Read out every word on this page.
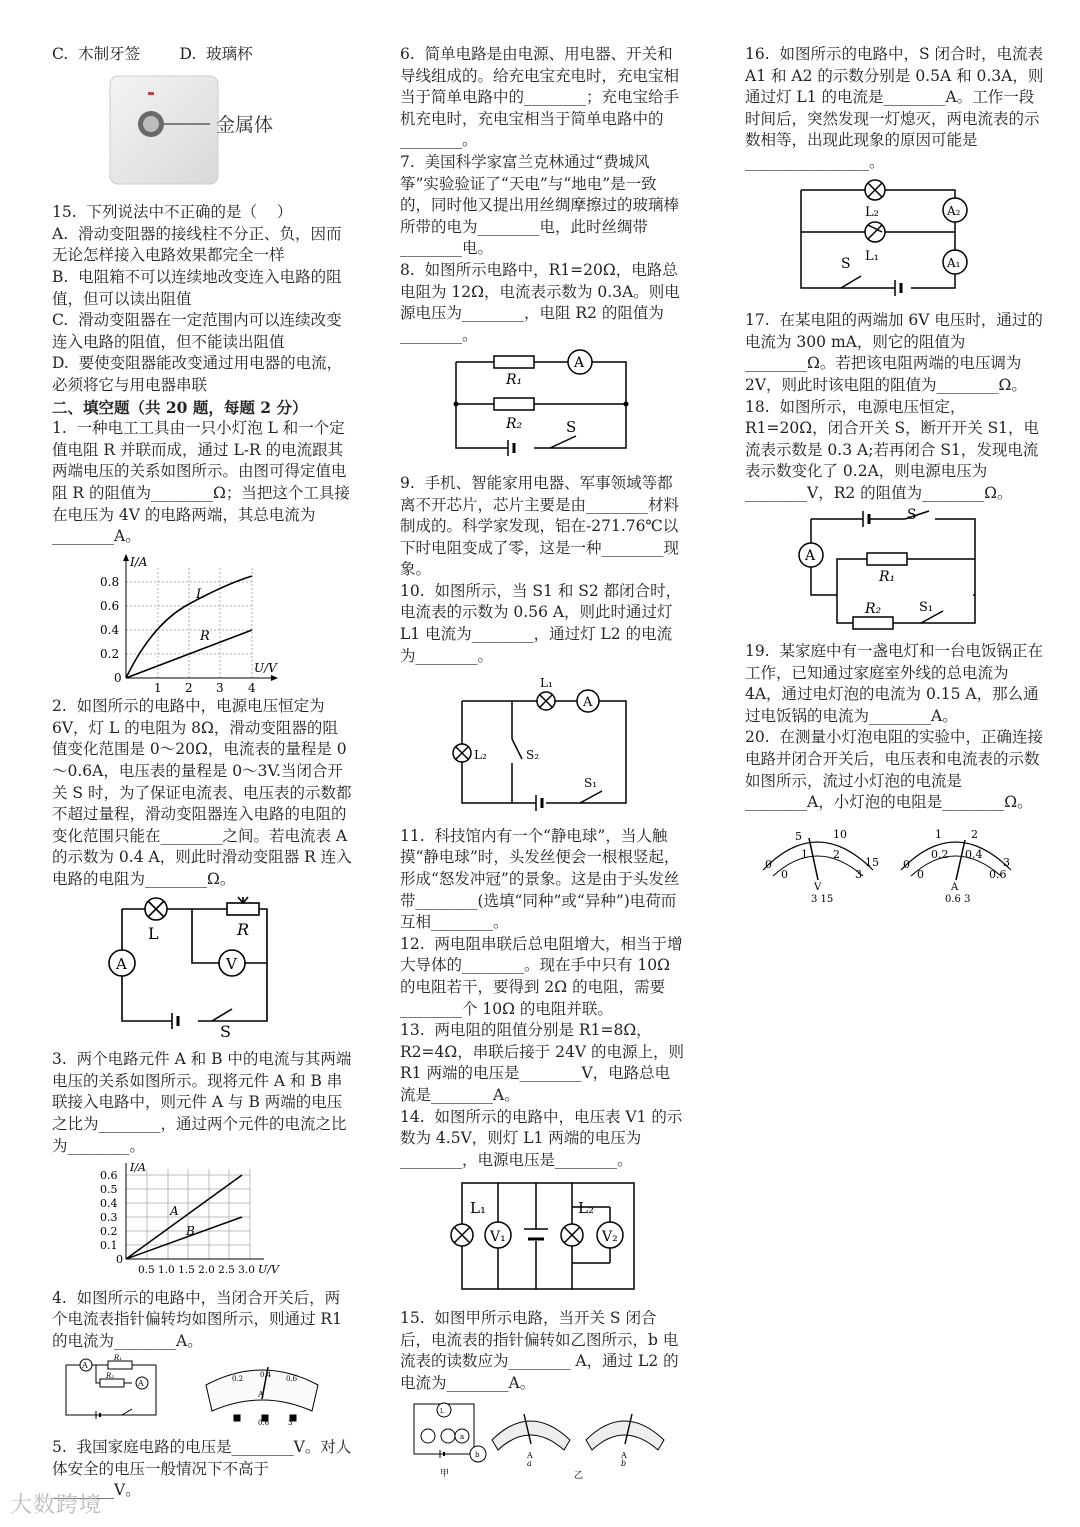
C.  木制牙签        D.  玻璃杯

金属体

15.  下列说法中不正确的是（    ）

A.  滑动变阻器的接线柱不分正、负，因而无论怎样接入电路效果都完全一样

B.  电阻箱不可以连续地改变连入电路的阻值，但可以读出阻值

C.  滑动变阻器在一定范围内可以连续改变连入电路的阻值，但不能读出阻值

D.  要使变阻器能改变通过用电器的电流，必须将它与用电器串联

二、填空题（共 20 题，每题 2 分）

1.  一种电工工具由一只小灯泡 L 和一个定值电阻 R 并联而成，通过 L-R 的电流跟其两端电压的关系如图所示。由图可得定值电阻 R 的阻值为________Ω；当把这个工具接在电压为 4V 的电路两端，其总电流为________A。

I/A
U/V
0.8
0.6
0.4
0.2
0
1 2 3 4
L
R

2.  如图所示的电路中，电源电压恒定为 6V，灯 L 的电阻为 8Ω，滑动变阻器的阻值变化范围是 0～20Ω，电流表的量程是 0～0.6A，电压表的量程是 0～3V.当闭合开关 S 时，为了保证电流表、电压表的示数都不超过量程，滑动变阻器连入电路的电阻的变化范围只能在________之间。若电流表 A 的示数为 0.4 A，则此时滑动变阻器 R 连入电路的电阻为________Ω。

L	R
A	V
S

3.  两个电路元件 A 和 B 中的电流与其两端电压的关系如图所示。现将元件 A 和 B 串联接入电路中，则元件 A 与 B 两端的电压之比为________，通过两个元件的电流之比为________。

I/A
0.6
0.5
0.4
0.3
0.2
0.1
0
0.5 1.0 1.5 2.0 2.5 3.0 U/V
A
B

4.  如图所示的电路中，当闭合开关后，两个电流表指针偏转均如图所示，则通过 R1 的电流为________A。

A
A
R₁
R₂	0.2 0.4 0.6
A
0.6	3

5.  我国家庭电路的电压是________V。对人体安全的电压一般情况下不高于________V。

6.  简单电路是由电源、用电器、开关和导线组成的。给充电宝充电时，充电宝相当于简单电路中的________；充电宝给手机充电时，充电宝相当于简单电路中的________。

7.  美国科学家富兰克林通过“费城风筝”实验验证了“天电”与“地电”是一致的，同时他又提出用丝绸摩擦过的玻璃棒所带的电为________电，此时丝绸带________电。

8.  如图所示电路中，R1=20Ω，电路总电阻为 12Ω，电流表示数为 0.3A。则电源电压为________，电阻 R2 的阻值为________。

A
R₁
R₂	S

9.  手机、智能家用电器、军事领域等都离不开芯片，芯片主要是由________材料制成的。科学家发现，铝在-271.76℃以下时电阻变成了零，这是一种________现象。

10.  如图所示，当 S1 和 S2 都闭合时，电流表的示数为 0.56 A，则此时通过灯 L1 电流为________，通过灯 L2 的电流为________。

L₁
A
L₂	S₂
S₁

11.  科技馆内有一个“静电球”，当人触摸“静电球”时，头发丝便会一根根竖起，形成“怒发冲冠”的景象。这是由于头发丝带________(选填“同种”或“异种”)电荷而互相________。

12.  两电阻串联后总电阻增大，相当于增大导体的________。现在手中只有 10Ω 的电阻若干，要得到 2Ω 的电阻，需要________个 10Ω 的电阻并联。

13.  两电阻的阻值分别是 R1=8Ω，R2=4Ω，串联后接于 24V 的电源上，则 R1 两端的电压是________V，电路总电流是________A。

14.  如图所示的电路中，电压表 V1 的示数为 4.5V，则灯 L1 两端的电压为________，电源电压是________。

L₁
V₁
L₂
V₂

15.  如图甲所示电路，当开关 S 闭合后，电流表的指针偏转如乙图所示，b 电流表的读数应为________ A，通过 L2 的电流为________A。

L
a
b	A
a
A
b
甲	乙

16.  如图所示的电路中，S 闭合时，电流表 A1 和 A2 的示数分别是 0.5A 和 0.3A，则通过灯 L1 的电流是________A。工作一段时间后，突然发现一灯熄灭，两电流表的示数相等，出现此现象的原因可能是________________。

L₂	A₂
L₁	A₁
S

17.  在某电阻的两端加 6V 电压时，通过的电流为 300 mA，则它的阻值为________Ω。若把该电阻两端的电压调为 2V，则此时该电阻的阻值为________Ω。

18.  如图所示，电源电压恒定，R1=20Ω，闭合开关 S，断开开关 S1，电流表示数是 0.3 A;若再闭合 S1，发现电流表示数变化了 0.2A，则电源电压为________V，R2 的阻值为________Ω。

A
R₁
R₂
S
S₁

19.  某家庭中有一盏电灯和一台电饭锅正在工作，已知通过家庭室外线的总电流为 4A，通过电灯泡的电流为 0.15 A，那么通过电饭锅的电流为________A。

20.  在测量小灯泡电阻的实验中，正确连接电路并闭合开关后，电压表和电流表的示数如图所示，流过小灯泡的电流是________A，小灯泡的电阻是________Ω。

0
5	10
15
0
1 2
3
V
3 15
0
1	2
3
0
0.2 0.4
0.6
A
0.6 3
大数跨境
